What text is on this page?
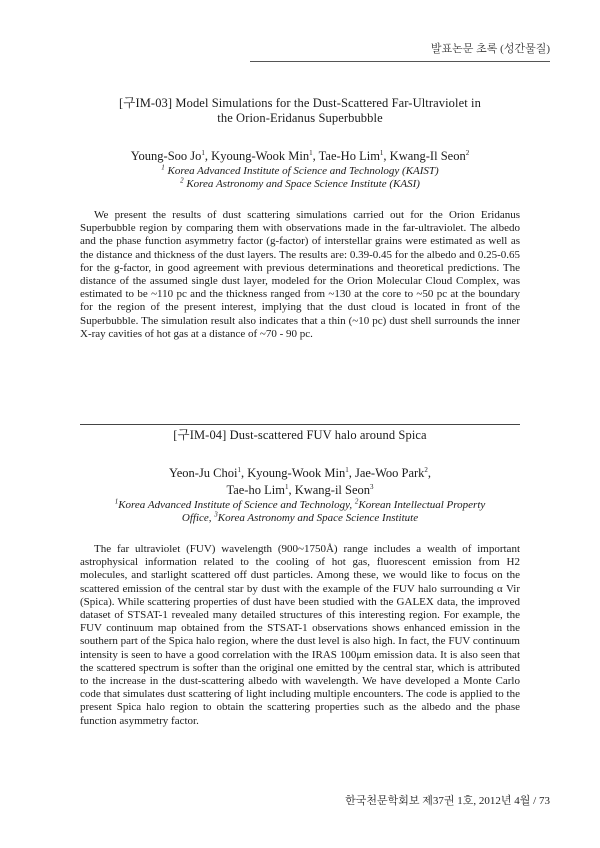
발표논문 초록 (성간물질)
[구IM-03] Model Simulations for the Dust-Scattered Far-Ultraviolet in
the Orion-Eridanus Superbubble
Young-Soo Jo$^1$, Kyoung-Wook Min$^1$, Tae-Ho Lim$^1$, Kwang-Il Seon$^2$
$^1$ Korea Advanced Institute of Science and Technology (KAIST)
$^2$ Korea Astronomy and Space Science Institute (KASI)
We present the results of dust scattering simulations carried out for the Orion Eridanus Superbubble region by comparing them with observations made in the far-ultraviolet. The albedo and the phase function asymmetry factor (g-factor) of interstellar grains were estimated as well as the distance and thickness of the dust layers. The results are: 0.39-0.45 for the albedo and 0.25-0.65 for the g-factor, in good agreement with previous determinations and theoretical predictions. The distance of the assumed single dust layer, modeled for the Orion Molecular Cloud Complex, was estimated to be ~110 pc and the thickness ranged from ~130 at the core to ~50 pc at the boundary for the region of the present interest, implying that the dust cloud is located in front of the Superbubble. The simulation result also indicates that a thin (~10 pc) dust shell surrounds the inner X-ray cavities of hot gas at a distance of ~70 - 90 pc.
[구IM-04] Dust-scattered FUV halo around Spica
Yeon-Ju Choi$^1$, Kyoung-Wook Min$^1$, Jae-Woo Park$^2$,
Tae-ho Lim$^1$, Kwang-il Seon$^3$
$^1$Korea Advanced Institute of Science and Technology, $^2$Korean Intellectual Property
Office, $^3$Korea Astronomy and Space Science Institute
The far ultraviolet (FUV) wavelength (900~1750Å) range includes a wealth of important astrophysical information related to the cooling of hot gas, fluorescent emission from H2 molecules, and starlight scattered off dust particles. Among these, we would like to focus on the scattered emission of the central star by dust with the example of the FUV halo surrounding α Vir (Spica). While scattering properties of dust have been studied with the GALEX data, the improved dataset of STSAT-1 revealed many detailed structures of this interesting region. For example, the FUV continuum map obtained from the STSAT-1 observations shows enhanced emission in the southern part of the Spica halo region, where the dust level is also high. In fact, the FUV continuum intensity is seen to have a good correlation with the IRAS 100μm emission data. It is also seen that the scattered spectrum is softer than the original one emitted by the central star, which is attributed to the increase in the dust-scattering albedo with wavelength. We have developed a Monte Carlo code that simulates dust scattering of light including multiple encounters. The code is applied to the present Spica halo region to obtain the scattering properties such as the albedo and the phase function asymmetry factor.
한국천문학회보 제37권 1호, 2012년 4월 / 73
